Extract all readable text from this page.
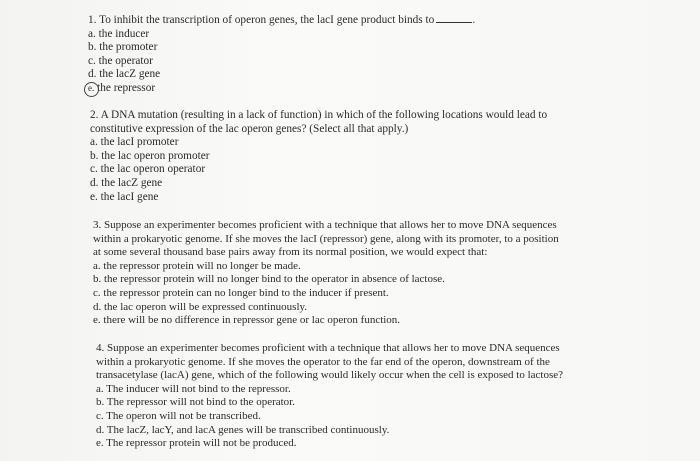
1. To inhibit the transcription of operon genes, the lacI gene product binds to	.

a. the inducer

b. the promoter

c. the operator

d. the lacZ gene

e. the repressor

2. A DNA mutation (resulting in a lack of function) in which of the following locations would lead to

constitutive expression of the lac operon genes? (Select all that apply.)

a. the lacI promoter

b. the lac operon promoter

c. the lac operon operator

d. the lacZ gene

e. the lacI gene

3. Suppose an experimenter becomes proficient with a technique that allows her to move DNA sequences

within a prokaryotic genome. If she moves the lacI (repressor) gene, along with its promoter, to a position

at some several thousand base pairs away from its normal position, we would expect that:

a. the repressor protein will no longer be made.

b. the repressor protein will no longer bind to the operator in absence of lactose.

c. the repressor protein can no longer bind to the inducer if present.

d. the lac operon will be expressed continuously.

e. there will be no difference in repressor gene or lac operon function.

4. Suppose an experimenter becomes proficient with a technique that allows her to move DNA sequences

within a prokaryotic genome. If she moves the operator to the far end of the operon, downstream of the

transacetylase (lacA) gene, which of the following would likely occur when the cell is exposed to lactose?

a. The inducer will not bind to the repressor.

b. The repressor will not bind to the operator.

c. The operon will not be transcribed.

d. The lacZ, lacY, and lacA genes will be transcribed continuously.

e. The repressor protein will not be produced.
